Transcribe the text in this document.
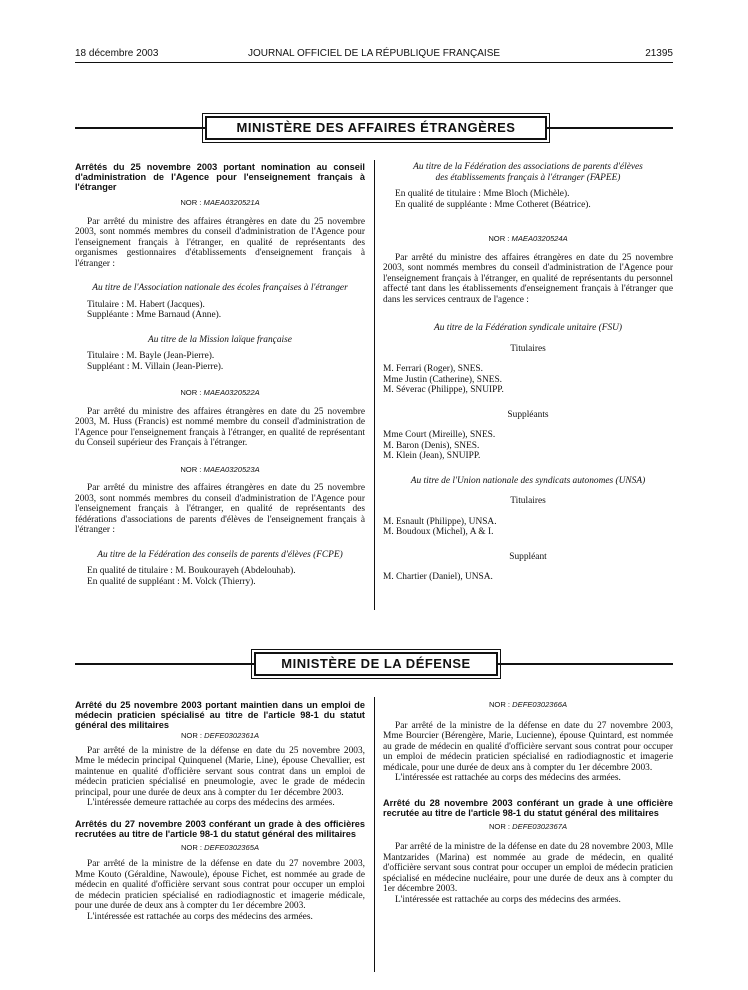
18 décembre 2003	JOURNAL OFFICIEL DE LA RÉPUBLIQUE FRANÇAISE	21395
MINISTÈRE DES AFFAIRES ÉTRANGÈRES

Arrêtés du 25 novembre 2003 portant nomination au conseil d'administration de l'Agence pour l'enseignement français à l'étranger

NOR : MAEA0320521A

Par arrêté du ministre des affaires étrangères en date du 25 novembre 2003, sont nommés membres du conseil d'administration de l'Agence pour l'enseignement français à l'étranger, en qualité de représentants des organismes gestionnaires d'établissements d'enseignement français à l'étranger :

Au titre de l'Association nationale des écoles françaises à l'étranger

Titulaire : M. Habert (Jacques).

Suppléante : Mme Barnaud (Anne).

Au titre de la Mission laïque française

Titulaire : M. Bayle (Jean-Pierre).

Suppléant : M. Villain (Jean-Pierre).

NOR : MAEA0320522A

Par arrêté du ministre des affaires étrangères en date du 25 novembre 2003, M. Huss (Francis) est nommé membre du conseil d'administration de l'Agence pour l'enseignement français à l'étranger, en qualité de représentant du Conseil supérieur des Français à l'étranger.

NOR : MAEA0320523A

Par arrêté du ministre des affaires étrangères en date du 25 novembre 2003, sont nommés membres du conseil d'administration de l'Agence pour l'enseignement français à l'étranger, en qualité de représentants des fédérations d'associations de parents d'élèves de l'enseignement français à l'étranger :

Au titre de la Fédération des conseils de parents d'élèves (FCPE)

En qualité de titulaire : M. Boukourayeh (Abdelouhab).

En qualité de suppléant : M. Volck (Thierry).

Au titre de la Fédération des associations de parents d'élèves

des établissements français à l'étranger (FAPEE)

En qualité de titulaire : Mme Bloch (Michèle).

En qualité de suppléante : Mme Cotheret (Béatrice).

NOR : MAEA0320524A

Par arrêté du ministre des affaires étrangères en date du 25 novembre 2003, sont nommés membres du conseil d'administration de l'Agence pour l'enseignement français à l'étranger, en qualité de représentants du personnel affecté tant dans les établissements d'enseignement français à l'étranger que dans les services centraux de l'agence :

Au titre de la Fédération syndicale unitaire (FSU)

Titulaires

M. Ferrari (Roger), SNES.

Mme Justin (Catherine), SNES.

M. Séverac (Philippe), SNUIPP.

Suppléants

Mme Court (Mireille), SNES.

M. Baron (Denis), SNES.

M. Klein (Jean), SNUIPP.

Au titre de l'Union nationale des syndicats autonomes (UNSA)

Titulaires

M. Esnault (Philippe), UNSA.

M. Boudoux (Michel), A & I.

Suppléant

M. Chartier (Daniel), UNSA.

MINISTÈRE DE LA DÉFENSE

Arrêté du 25 novembre 2003 portant maintien dans un emploi de médecin praticien spécialisé au titre de l'article 98-1 du statut général des militaires

NOR : DEFE0302361A

Par arrêté de la ministre de la défense en date du 25 novembre 2003, Mme le médecin principal Quinquenel (Marie, Line), épouse Chevallier, est maintenue en qualité d'officière servant sous contrat dans un emploi de médecin praticien spécialisé en pneumologie, avec le grade de médecin principal, pour une durée de deux ans à compter du 1er décembre 2003.

L'intéressée demeure rattachée au corps des médecins des armées.

Arrêtés du 27 novembre 2003 conférant un grade à des officières recrutées au titre de l'article 98-1 du statut général des militaires

NOR : DEFE0302365A

Par arrêté de la ministre de la défense en date du 27 novembre 2003, Mme Kouto (Géraldine, Nawoule), épouse Fichet, est nommée au grade de médecin en qualité d'officière servant sous contrat pour occuper un emploi de médecin praticien spécialisé en radiodiagnostic et imagerie médicale, pour une durée de deux ans à compter du 1er décembre 2003.

L'intéressée est rattachée au corps des médecins des armées.

NOR : DEFE0302366A

Par arrêté de la ministre de la défense en date du 27 novembre 2003, Mme Bourcier (Bérengère, Marie, Lucienne), épouse Quintard, est nommée au grade de médecin en qualité d'officière servant sous contrat pour occuper un emploi de médecin praticien spécialisé en radiodiagnostic et imagerie médicale, pour une durée de deux ans à compter du 1er décembre 2003.

L'intéressée est rattachée au corps des médecins des armées.

Arrêté du 28 novembre 2003 conférant un grade à une officière recrutée au titre de l'article 98-1 du statut général des militaires

NOR : DEFE0302367A

Par arrêté de la ministre de la défense en date du 28 novembre 2003, Mlle Mantzarides (Marina) est nommée au grade de médecin, en qualité d'officière servant sous contrat pour occuper un emploi de médecin praticien spécialisé en médecine nucléaire, pour une durée de deux ans à compter du 1er décembre 2003.

L'intéressée est rattachée au corps des médecins des armées.
